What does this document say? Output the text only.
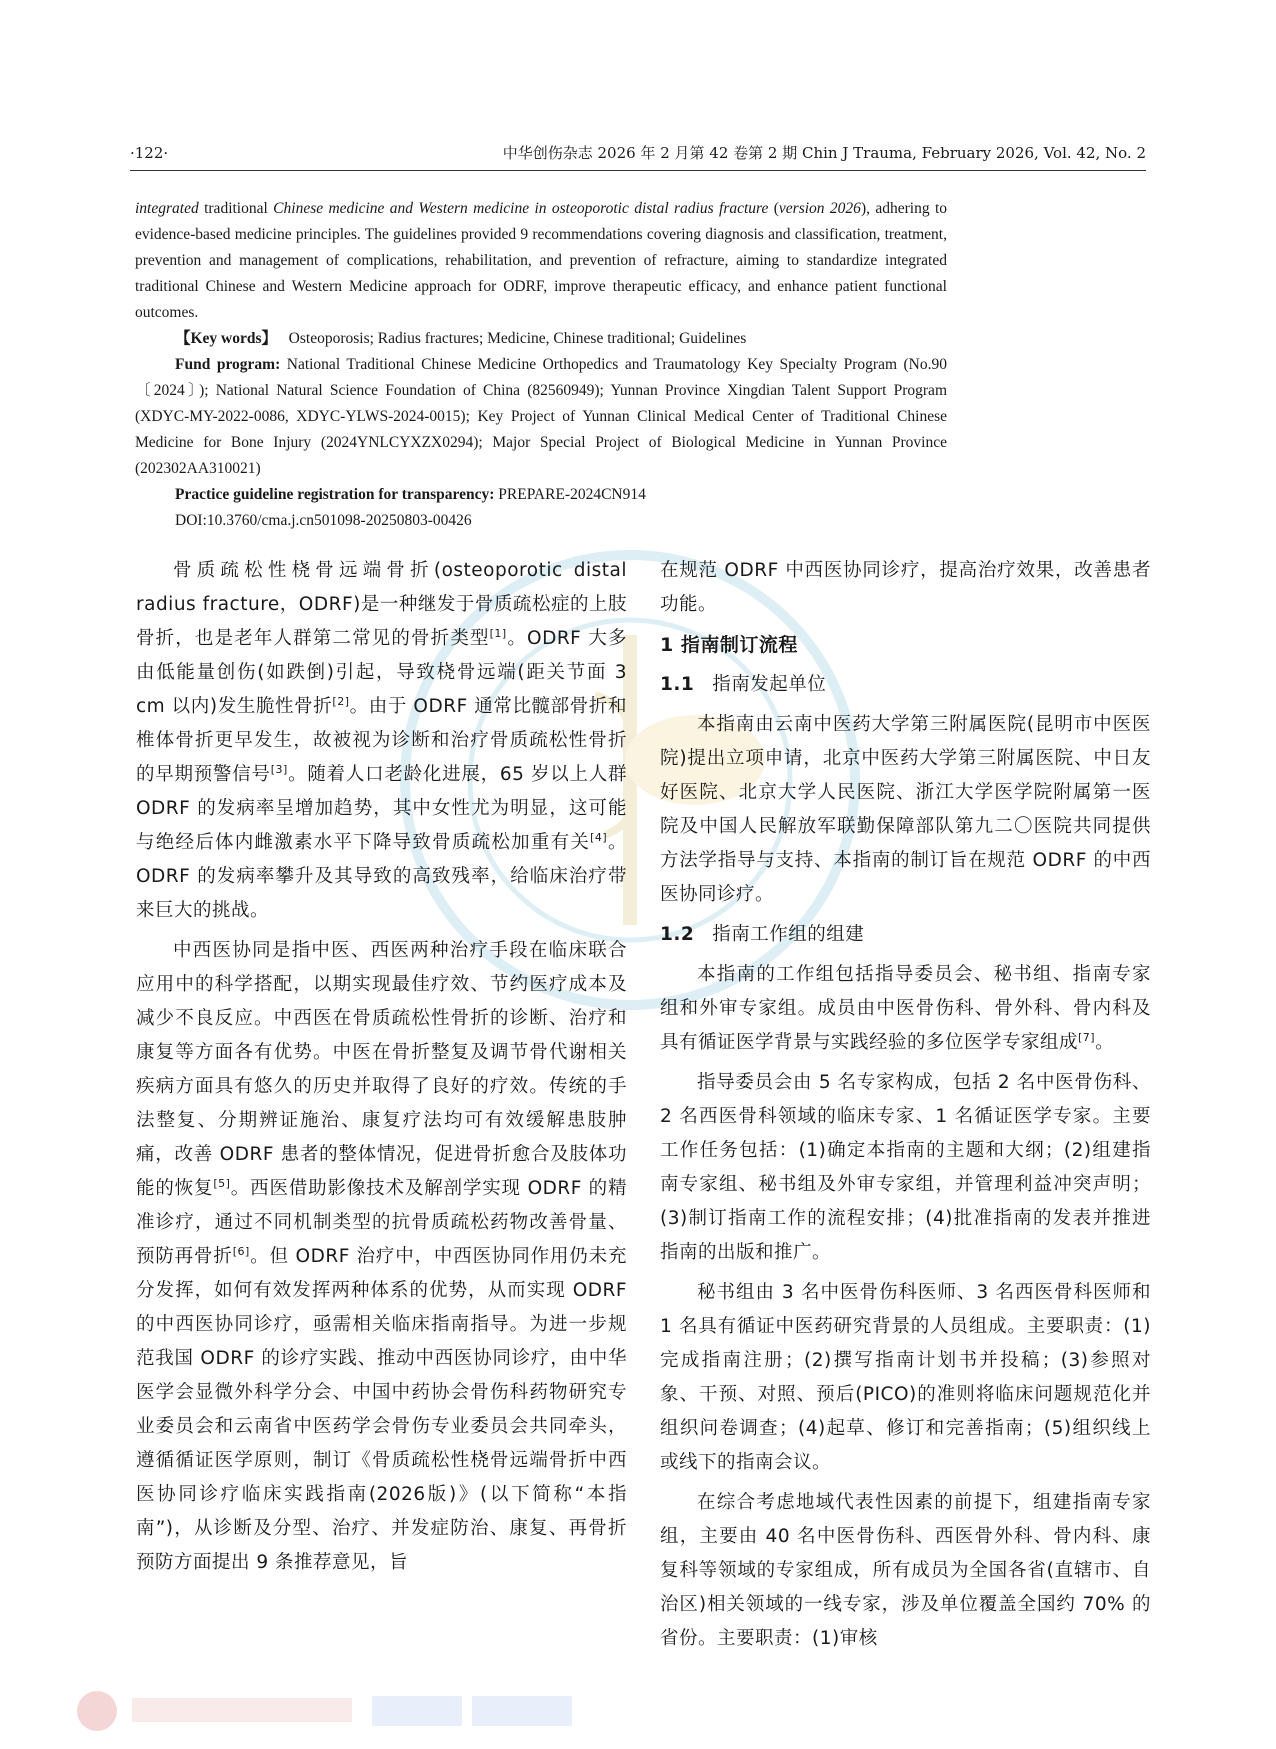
·122·	中华创伤杂志 2026 年 2 月第 42 卷第 2 期 Chin J Trauma, February 2026, Vol. 42, No. 2

integrated traditional Chinese medicine and Western medicine in osteoporotic distal radius fracture (version 2026), adhering to evidence-based medicine principles. The guidelines provided 9 recommendations covering diagnosis and classification, treatment, prevention and management of complications, rehabilitation, and prevention of refracture, aiming to standardize integrated traditional Chinese and Western Medicine approach for ODRF, improve therapeutic efficacy, and enhance patient functional outcomes.

【Key words】 Osteoporosis; Radius fractures; Medicine, Chinese traditional; Guidelines

Fund program: National Traditional Chinese Medicine Orthopedics and Traumatology Key Specialty Program (No.90〔2024〕); National Natural Science Foundation of China (82560949); Yunnan Province Xingdian Talent Support Program (XDYC-MY-2022-0086, XDYC-YLWS-2024-0015); Key Project of Yunnan Clinical Medical Center of Traditional Chinese Medicine for Bone Injury (2024YNLCYXZX0294); Major Special Project of Biological Medicine in Yunnan Province (202302AA310021)

Practice guideline registration for transparency: PREPARE-2024CN914

DOI:10.3760/cma.j.cn501098-20250803-00426

骨质疏松性桡骨远端骨折(osteoporotic distal radius fracture，ODRF)是一种继发于骨质疏松症的上肢骨折，也是老年人群第二常见的骨折类型[1]。ODRF 大多由低能量创伤(如跌倒)引起，导致桡骨远端(距关节面 3 cm 以内)发生脆性骨折[2]。由于 ODRF 通常比髋部骨折和椎体骨折更早发生，故被视为诊断和治疗骨质疏松性骨折的早期预警信号[3]。随着人口老龄化进展，65 岁以上人群 ODRF 的发病率呈增加趋势，其中女性尤为明显，这可能与绝经后体内雌激素水平下降导致骨质疏松加重有关[4]。ODRF 的发病率攀升及其导致的高致残率，给临床治疗带来巨大的挑战。

中西医协同是指中医、西医两种治疗手段在临床联合应用中的科学搭配，以期实现最佳疗效、节约医疗成本及减少不良反应。中西医在骨质疏松性骨折的诊断、治疗和康复等方面各有优势。中医在骨折整复及调节骨代谢相关疾病方面具有悠久的历史并取得了良好的疗效。传统的手法整复、分期辨证施治、康复疗法均可有效缓解患肢肿痛，改善 ODRF 患者的整体情况，促进骨折愈合及肢体功能的恢复[5]。西医借助影像技术及解剖学实现 ODRF 的精准诊疗，通过不同机制类型的抗骨质疏松药物改善骨量、预防再骨折[6]。但 ODRF 治疗中，中西医协同作用仍未充分发挥，如何有效发挥两种体系的优势，从而实现 ODRF 的中西医协同诊疗，亟需相关临床指南指导。为进一步规范我国 ODRF 的诊疗实践、推动中西医协同诊疗，由中华医学会显微外科学分会、中国中药协会骨伤科药物研究专业委员会和云南省中医药学会骨伤专业委员会共同牵头，遵循循证医学原则，制订《骨质疏松性桡骨远端骨折中西医协同诊疗临床实践指南(2026版)》(以下简称“本指南”)，从诊断及分型、治疗、并发症防治、康复、再骨折预防方面提出 9 条推荐意见，旨

在规范 ODRF 中西医协同诊疗，提高治疗效果，改善患者功能。

1 指南制订流程

1.1 指南发起单位

本指南由云南中医药大学第三附属医院(昆明市中医医院)提出立项申请，北京中医药大学第三附属医院、中日友好医院、北京大学人民医院、浙江大学医学院附属第一医院及中国人民解放军联勤保障部队第九二〇医院共同提供方法学指导与支持、本指南的制订旨在规范 ODRF 的中西医协同诊疗。

1.2 指南工作组的组建

本指南的工作组包括指导委员会、秘书组、指南专家组和外审专家组。成员由中医骨伤科、骨外科、骨内科及具有循证医学背景与实践经验的多位医学专家组成[7]。

指导委员会由 5 名专家构成，包括 2 名中医骨伤科、2 名西医骨科领域的临床专家、1 名循证医学专家。主要工作任务包括：(1)确定本指南的主题和大纲；(2)组建指南专家组、秘书组及外审专家组，并管理利益冲突声明；(3)制订指南工作的流程安排；(4)批准指南的发表并推进指南的出版和推广。

秘书组由 3 名中医骨伤科医师、3 名西医骨科医师和 1 名具有循证中医药研究背景的人员组成。主要职责：(1)完成指南注册；(2)撰写指南计划书并投稿；(3)参照对象、干预、对照、预后(PICO)的准则将临床问题规范化并组织问卷调查；(4)起草、修订和完善指南；(5)组织线上或线下的指南会议。

在综合考虑地域代表性因素的前提下，组建指南专家组，主要由 40 名中医骨伤科、西医骨外科、骨内科、康复科等领域的专家组成，所有成员为全国各省(直辖市、自治区)相关领域的一线专家，涉及单位覆盖全国约 70% 的省份。主要职责：(1)审核
